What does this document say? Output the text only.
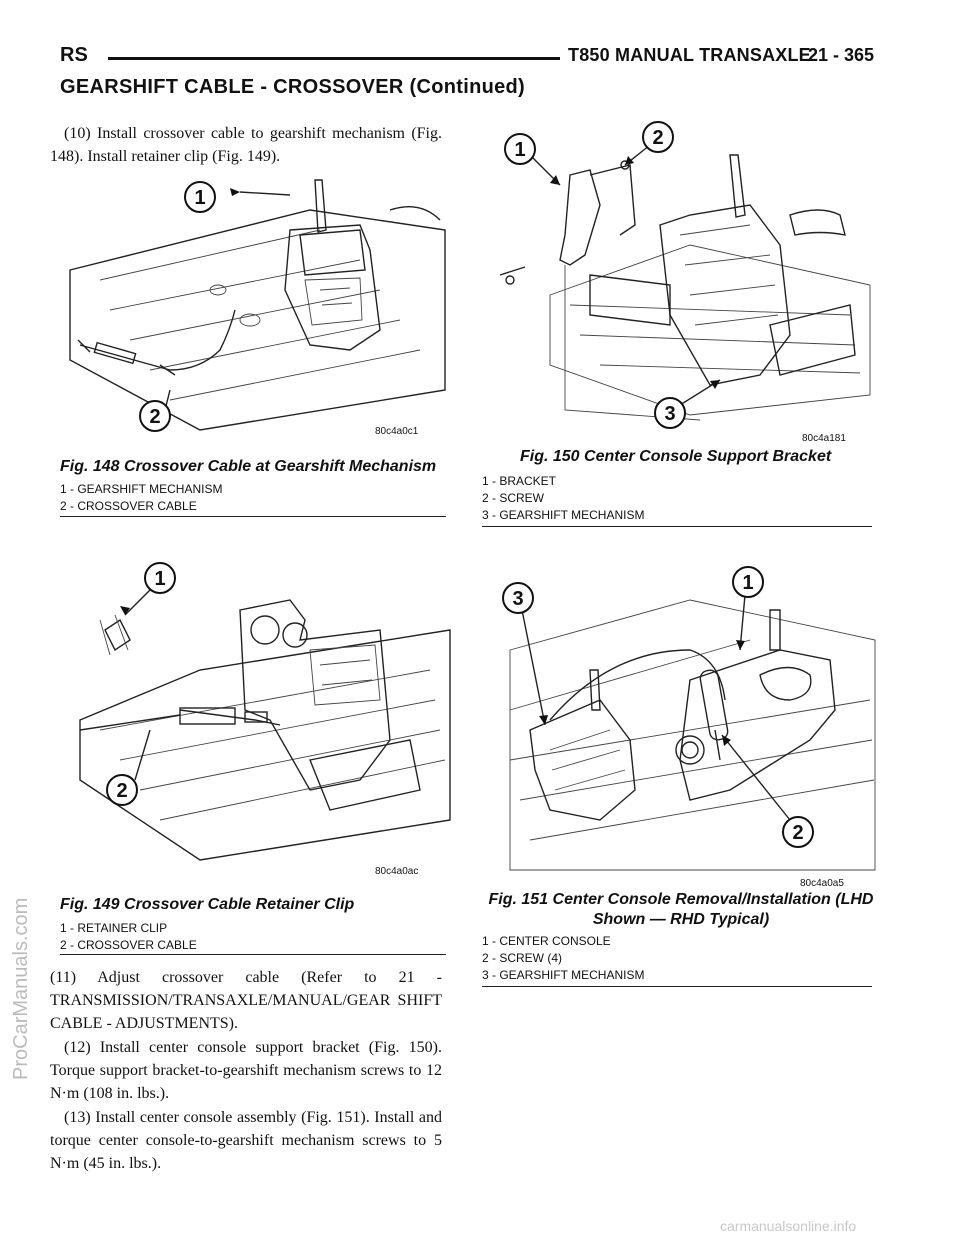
RS	T850 MANUAL TRANSAXLE
21 - 365
GEARSHIFT CABLE - CROSSOVER (Continued)
(10) Install crossover cable to gearshift mechanism (Fig. 148). Install retainer clip (Fig. 149).
1
2
80c4a0c1
Fig. 148 Crossover Cable at Gearshift Mechanism
1 - GEARSHIFT MECHANISM
2 - CROSSOVER CABLE
1
2
80c4a0ac
Fig. 149 Crossover Cable Retainer Clip
1 - RETAINER CLIP
2 - CROSSOVER CABLE
(11) Adjust crossover cable (Refer to 21 - TRANSMISSION/TRANSAXLE/MANUAL/GEAR SHIFT CABLE - ADJUSTMENTS).
(12) Install center console support bracket (Fig. 150). Torque support bracket-to-gearshift mechanism screws to 12 N·m (108 in. lbs.).
(13) Install center console assembly (Fig. 151). Install and torque center console-to-gearshift mechanism screws to 5 N·m (45 in. lbs.).
1
2
3
80c4a181
Fig. 150 Center Console Support Bracket
1 - BRACKET
2 - SCREW
3 - GEARSHIFT MECHANISM
1
3
2
80c4a0a5
Fig. 151 Center Console Removal/Installation (LHD
Shown — RHD Typical)
1 - CENTER CONSOLE
2 - SCREW (4)
3 - GEARSHIFT MECHANISM
ProCarManuals.com
carmanualsonline.info
